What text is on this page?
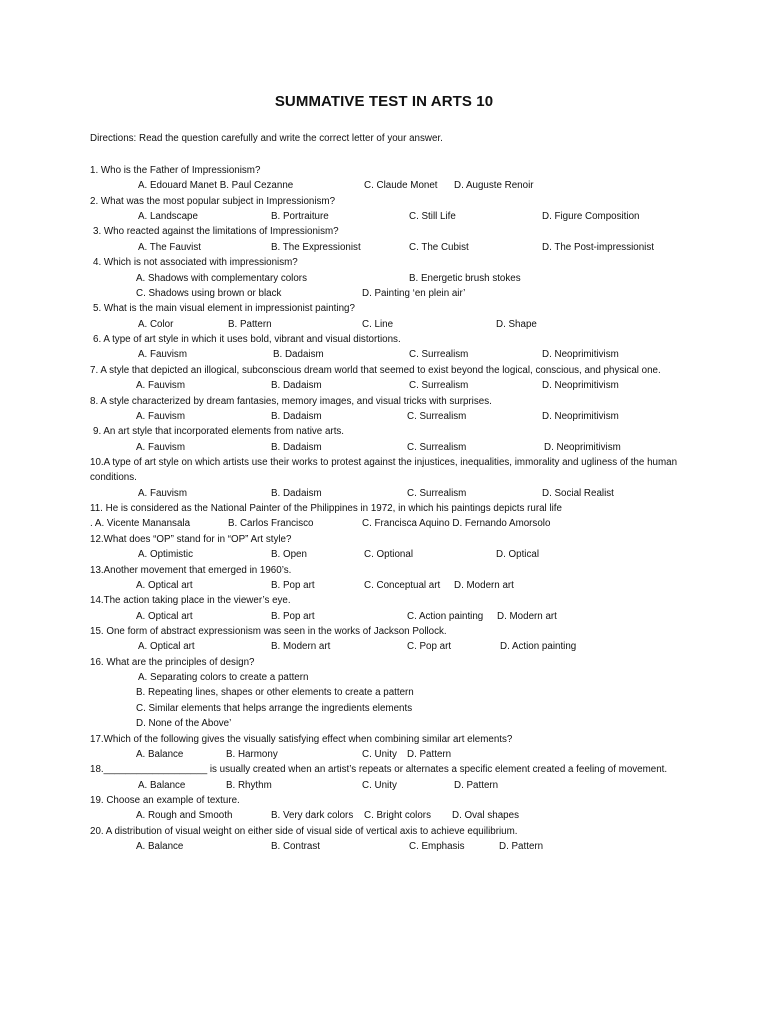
SUMMATIVE TEST IN ARTS 10
Directions: Read the question carefully and write the correct letter of your answer.
1. Who is the Father of Impressionism?
A. Edouard Manet B. Paul Cezanne	C. Claude Monet D. Auguste Renoir
2. What was the most popular subject in Impressionism?
A. Landscape	B. Portraiture	C. Still Life	D. Figure Composition
3. Who reacted against the limitations of Impressionism?
A. The Fauvist	B. The Expressionist	C. The Cubist	D. The Post-impressionist
4. Which is not associated with impressionism?
A. Shadows with complementary colors	B. Energetic brush stokes
C. Shadows using brown or black	D. Painting ‘en plein air’
5. What is the main visual element in impressionist painting?
A. Color	B. Pattern	C. Line	D. Shape
6. A type of art style in which it uses bold, vibrant and visual distortions.
A. Fauvism	B. Dadaism	C. Surrealism	D. Neoprimitivism
7. A style that depicted an illogical, subconscious dream world that seemed to exist beyond the logical, conscious, and physical one.
A. Fauvism	B. Dadaism	C. Surrealism	D. Neoprimitivism
8. A style characterized by dream fantasies, memory images, and visual tricks with surprises.
A. Fauvism	B. Dadaism	C. Surrealism	D. Neoprimitivism
9. An art style that incorporated elements from native arts.
A. Fauvism	B. Dadaism	C. Surrealism	D. Neoprimitivism
10.A type of art style on which artists use their works to protest against the injustices, inequalities, immorality and ugliness of the human conditions.
A. Fauvism	B. Dadaism	C. Surrealism	D. Social Realist
11. He is considered as the National Painter of the Philippines in 1972, in which his paintings depicts rural life
. A. Vicente Manansala	B. Carlos Francisco	C. Francisca Aquino D. Fernando Amorsolo
12.What does “OP” stand for in “OP” Art style?
A. Optimistic	B. Open	C. Optional	D. Optical
13.Another movement that emerged in 1960’s.
A. Optical art	B. Pop art	C. Conceptual art D. Modern art
14.The action taking place in the viewer’s eye.
A. Optical art	B. Pop art	C. Action painting D. Modern art
15. One form of abstract expressionism was seen in the works of Jackson Pollock.
A. Optical art	B. Modern art	C. Pop art	D. Action painting
16. What are the principles of design?
A. Separating colors to create a pattern
B. Repeating lines, shapes or other elements to create a pattern
C. Similar elements that helps arrange the ingredients elements
D. None of the Above’
17.Which of the following gives the visually satisfying effect when combining similar art elements?
A. Balance	B. Harmony	C. Unity D. Pattern
18.___________________ is usually created when an artist’s repeats or alternates a specific element created a feeling of movement.
A. Balance	B. Rhythm	C. Unity	D. Pattern
19. Choose an example of texture.
A. Rough and Smooth	B. Very dark colors C. Bright colors D. Oval shapes
20. A distribution of visual weight on either side of visual side of vertical axis to achieve equilibrium.
A. Balance	B. Contrast	C. Emphasis	D. Pattern
